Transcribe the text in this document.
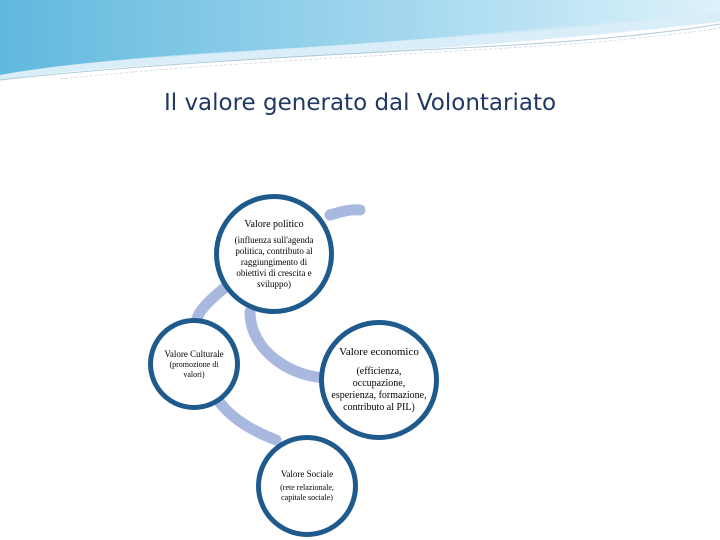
Il valore generato dal Volontariato
Valore politico
(influenza sull'agenda politica, contributo al raggiungimento di obiettivi di crescita e sviluppo)
Valore Culturale
(promozione di valori)
Valore economico
(efficienza, occupazione, esperienza, formazione, contributo al PIL)
Valore Sociale
(rete relazionale, capitale sociale)
